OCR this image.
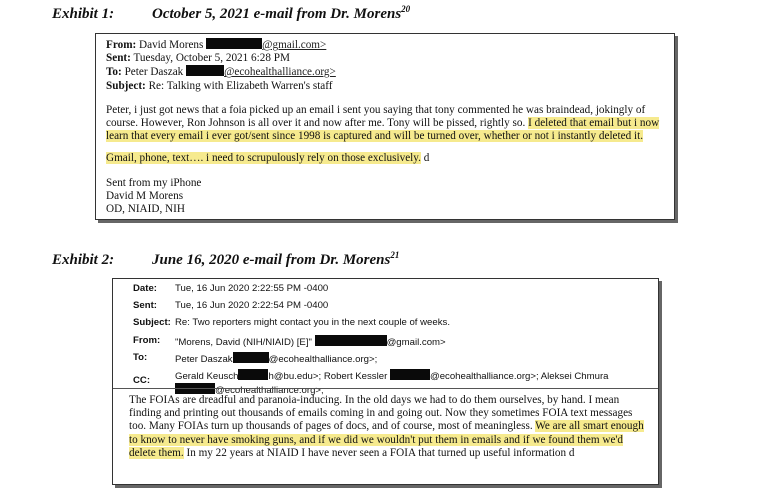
Exhibit 1:	October 5, 2021 e-mail from Dr. Morens$^{20}$
From: David Morens	@gmail.com>
Sent: Tuesday, October 5, 2021 6:28 PM
To: Peter Daszak	@ecohealthalliance.org>
Subject: Re: Talking with Elizabeth Warren's staff

Peter, i just got news that a foia picked up an email i sent you saying that tony commented he was braindead, jokingly of course. However, Ron Johnson is all over it and now after me. Tony will be pissed, rightly so. I deleted that email but i now learn that every email i ever got/sent since 1998 is captured and will be turned over, whether or not i instantly deleted it.

Gmail, phone, text…. i need to scrupulously rely on those exclusively. d

Sent from my iPhone
David M Morens
OD, NIAID, NIH
Exhibit 2:	June 16, 2020 e-mail from Dr. Morens$^{21}$
Date: Tue, 16 Jun 2020 2:22:55 PM -0400
Sent: Tue, 16 Jun 2020 2:22:54 PM -0400
Subject: Re: Two reporters might contact you in the next couple of weeks.
From: "Morens, David (NIH/NIAID) [E]"	@gmail.com>
To:	Peter Daszak	@ecohealthalliance.org>;
CC:	Gerald Keusch	h@bu.edu>; Robert Kessler	@ecohealthalliance.org>; Aleksei Chmura
@ecohealthalliance.org>;
The FOIAs are dreadful and paranoia-inducing. In the old days we had to do them ourselves, by hand. I mean finding and printing out thousands of emails coming in and going out. Now they sometimes FOIA text messages too. Many FOIAs turn up thousands of pages of docs, and of course, most of meaningless. We are all smart enough to know to never have smoking guns, and if we did we wouldn't put them in emails and if we found them we'd delete them. In my 22 years at NIAID I have never seen a FOIA that turned up useful information d
